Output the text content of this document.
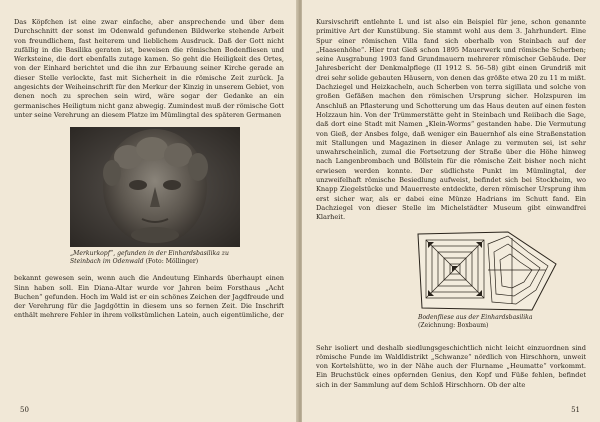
Das Köpfchen ist eine zwar einfache, aber ansprechende und über dem Durchschnitt der sonst im Odenwald gefundenen Bildwerke stehende Arbeit von freundlichem, fast heiterem und lieblichem Ausdruck. Daß der Gott nicht zufällig in die Basilika geraten ist, beweisen die römischen Bodenfliesen und Werksteine, die dort ebenfalls zutage kamen. So geht die Heiligkeit des Ortes, von der Einhard berichtet und die ihn zur Erbauung seiner Kirche gerade an dieser Stelle verlockte, fast mit Sicherheit in die römische Zeit zurück. Ja angesichts der Weiheinschrift für den Merkur der Kinzig in unserem Gebiet, von denen noch zu sprechen sein wird, wäre sogar der Gedanke an ein germanisches Heiligtum nicht ganz abwegig. Zumindest muß der römische Gott unter seine Verehrung an diesem Platze im Mümlingtal des späteren Germanen

„Merkurkopf“, gefunden in der Einhardsbasilika zu Steinbach im Odenwald (Foto: Möllinger)

bekannt gewesen sein, wenn auch die Andeutung Einhards überhaupt einen Sinn haben soll. Ein Diana-Altar wurde vor Jahren beim Forsthaus „Acht Buchen“ gefunden. Hoch im Wald ist er ein schönes Zeichen der Jagdfreude und der Verehrung für die Jagdgöttin in diesem uns so fernen Zeit. Die Inschrift enthält mehrere Fehler in ihrem volkstümlichen Latein, auch eigentümliche, der

50

Kursivschrift entlehnte L und ist also ein Beispiel für jene, schon genannte primitive Art der Kunstübung. Sie stammt wohl aus dem 3. Jahrhundert. Eine Spur einer römischen Villa fand sich oberhalb von Steinbach auf der „Haasenhöhe“. Hier trat Gieß schon 1895 Mauerwerk und römische Scherben; seine Ausgrabung 1903 fand Grundmauern mehrerer römischer Gebäude. Der Jahresbericht der Denkmalpflege (II 1912 S. 56–58) gibt einen Grundriß mit drei sehr solide gebauten Häusern, von denen das größte etwa 20 zu 11 m mißt. Dachziegel und Heizkacheln, auch Scherben von terra sigillata und solche von großen Gefäßen machen den römischen Ursprung sicher. Holzspuren im Anschluß an Pflasterung und Schotterung um das Haus deuten auf einen festen Holzzaun hin. Von der Trümmerstätte geht in Steinbach und Reiibach die Sage, daß dort eine Stadt mit Namen „Klein-Worms“ gestanden habe. Die Vermutung von Gieß, der Ansbes folge, daß weniger ein Bauernhof als eine Straßenstation mit Stallungen und Magazinen in dieser Anlage zu vermuten sei, ist sehr unwahrscheinlich, zumal die Fortsetzung der Straße über die Höhe hinweg nach Langenbrombach und Böllstein für die römische Zeit bisher noch nicht erwiesen werden konnte. Der südlichste Punkt im Mümlingtal, der unzweifelhaft römische Besiedlung aufweist, befindet sich bei Stockheim, wo Knapp Ziegelstücke und Mauerreste entdeckte, deren römischer Ursprung ihm erst sicher war, als er dabei eine Münze Hadrians im Schutt fand. Ein Dachziegel von dieser Stelle im Michelstädter Museum gibt einwandfrei Klarheit.

Bodenfliese aus der Einhardsbasilika (Zeichnung: Boxbaum)

Sehr isoliert und deshalb siedlungsgeschichtlich nicht leicht einzuordnen sind römische Funde im Waldldistrikt „Schwanze“ nördlich von Hirschhorn, unweit von Kortelshütte, wo in der Nähe auch der Flurname „Heumatte“ vorkommt. Ein Bruchstück eines opfernden Genius, den Kopf und Füße fehlen, befindet sich in der Sammlung auf dem Schloß Hirschhorn. Ob der alte

51
